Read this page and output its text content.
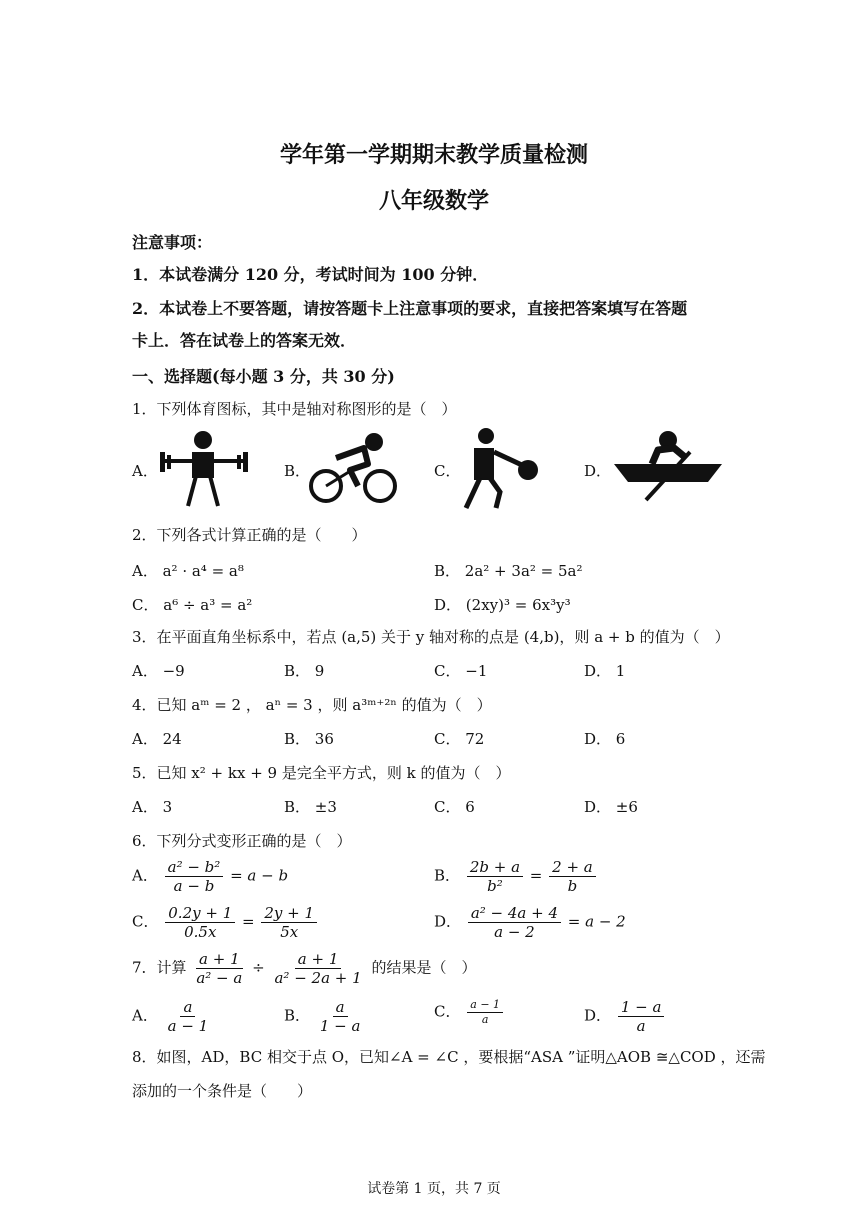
学年第一学期期末教学质量检测
八年级数学
注意事项：
1．本试卷满分 120 分，考试时间为 100 分钟．
2．本试卷上不要答题，请按答题卡上注意事项的要求，直接把答案填写在答题
卡上．答在试卷上的答案无效．
一、选择题(每小题 3 分，共 30 分)
1．下列体育图标，其中是轴对称图形的是（　）
A．	B．	C．	D．
2．下列各式计算正确的是（　　）
A． a² · a⁴ = a⁸	B． 2a² + 3a² = 5a²
C． a⁶ ÷ a³ = a²	D． (2xy)³ = 6x³y³
3．在平面直角坐标系中，若点 (a,5) 关于 y 轴对称的点是 (4,b)，则 a + b 的值为（　）
A． −9	B． 9	C． −1	D． 1
4．已知 aᵐ = 2 ， aⁿ = 3 ，则 a³ᵐ⁺²ⁿ 的值为（　）
A． 24	B． 36	C． 72	D． 6
5．已知 x² + kx + 9 是完全平方式，则 k 的值为（　）
A． 3	B． ±3	C． 6	D． ±6
6．下列分式变形正确的是（　）
A． $\frac{\text{a² − b²}}{a - b} = a - b$	B． $\frac{2b + a}{\text{b²}} = \frac{2 + a}{b}$
C． $\frac{0.2y + 1}{0.5x} = \frac{2y + 1}{5x}$	D． $\frac{\text{a² − 4a + 4}}{a - 2} = a - 2$
7．计算 $\frac{a + 1}{\text{a² − a}} \div \frac{a + 1}{\text{a² − 2a + 1}}$ 的结果是（　）
A． $\frac{a}{a - 1}$	B． $\frac{a}{1 - a}$	C． $\frac{a - 1}{a}$	D． $\frac{1 - a}{a}$
8．如图，AD，BC 相交于点 O，已知∠A = ∠C ，要根据“ASA ”证明△AOB ≅△COD ，还需
添加的一个条件是（　　）
试卷第 1 页，共 7 页
